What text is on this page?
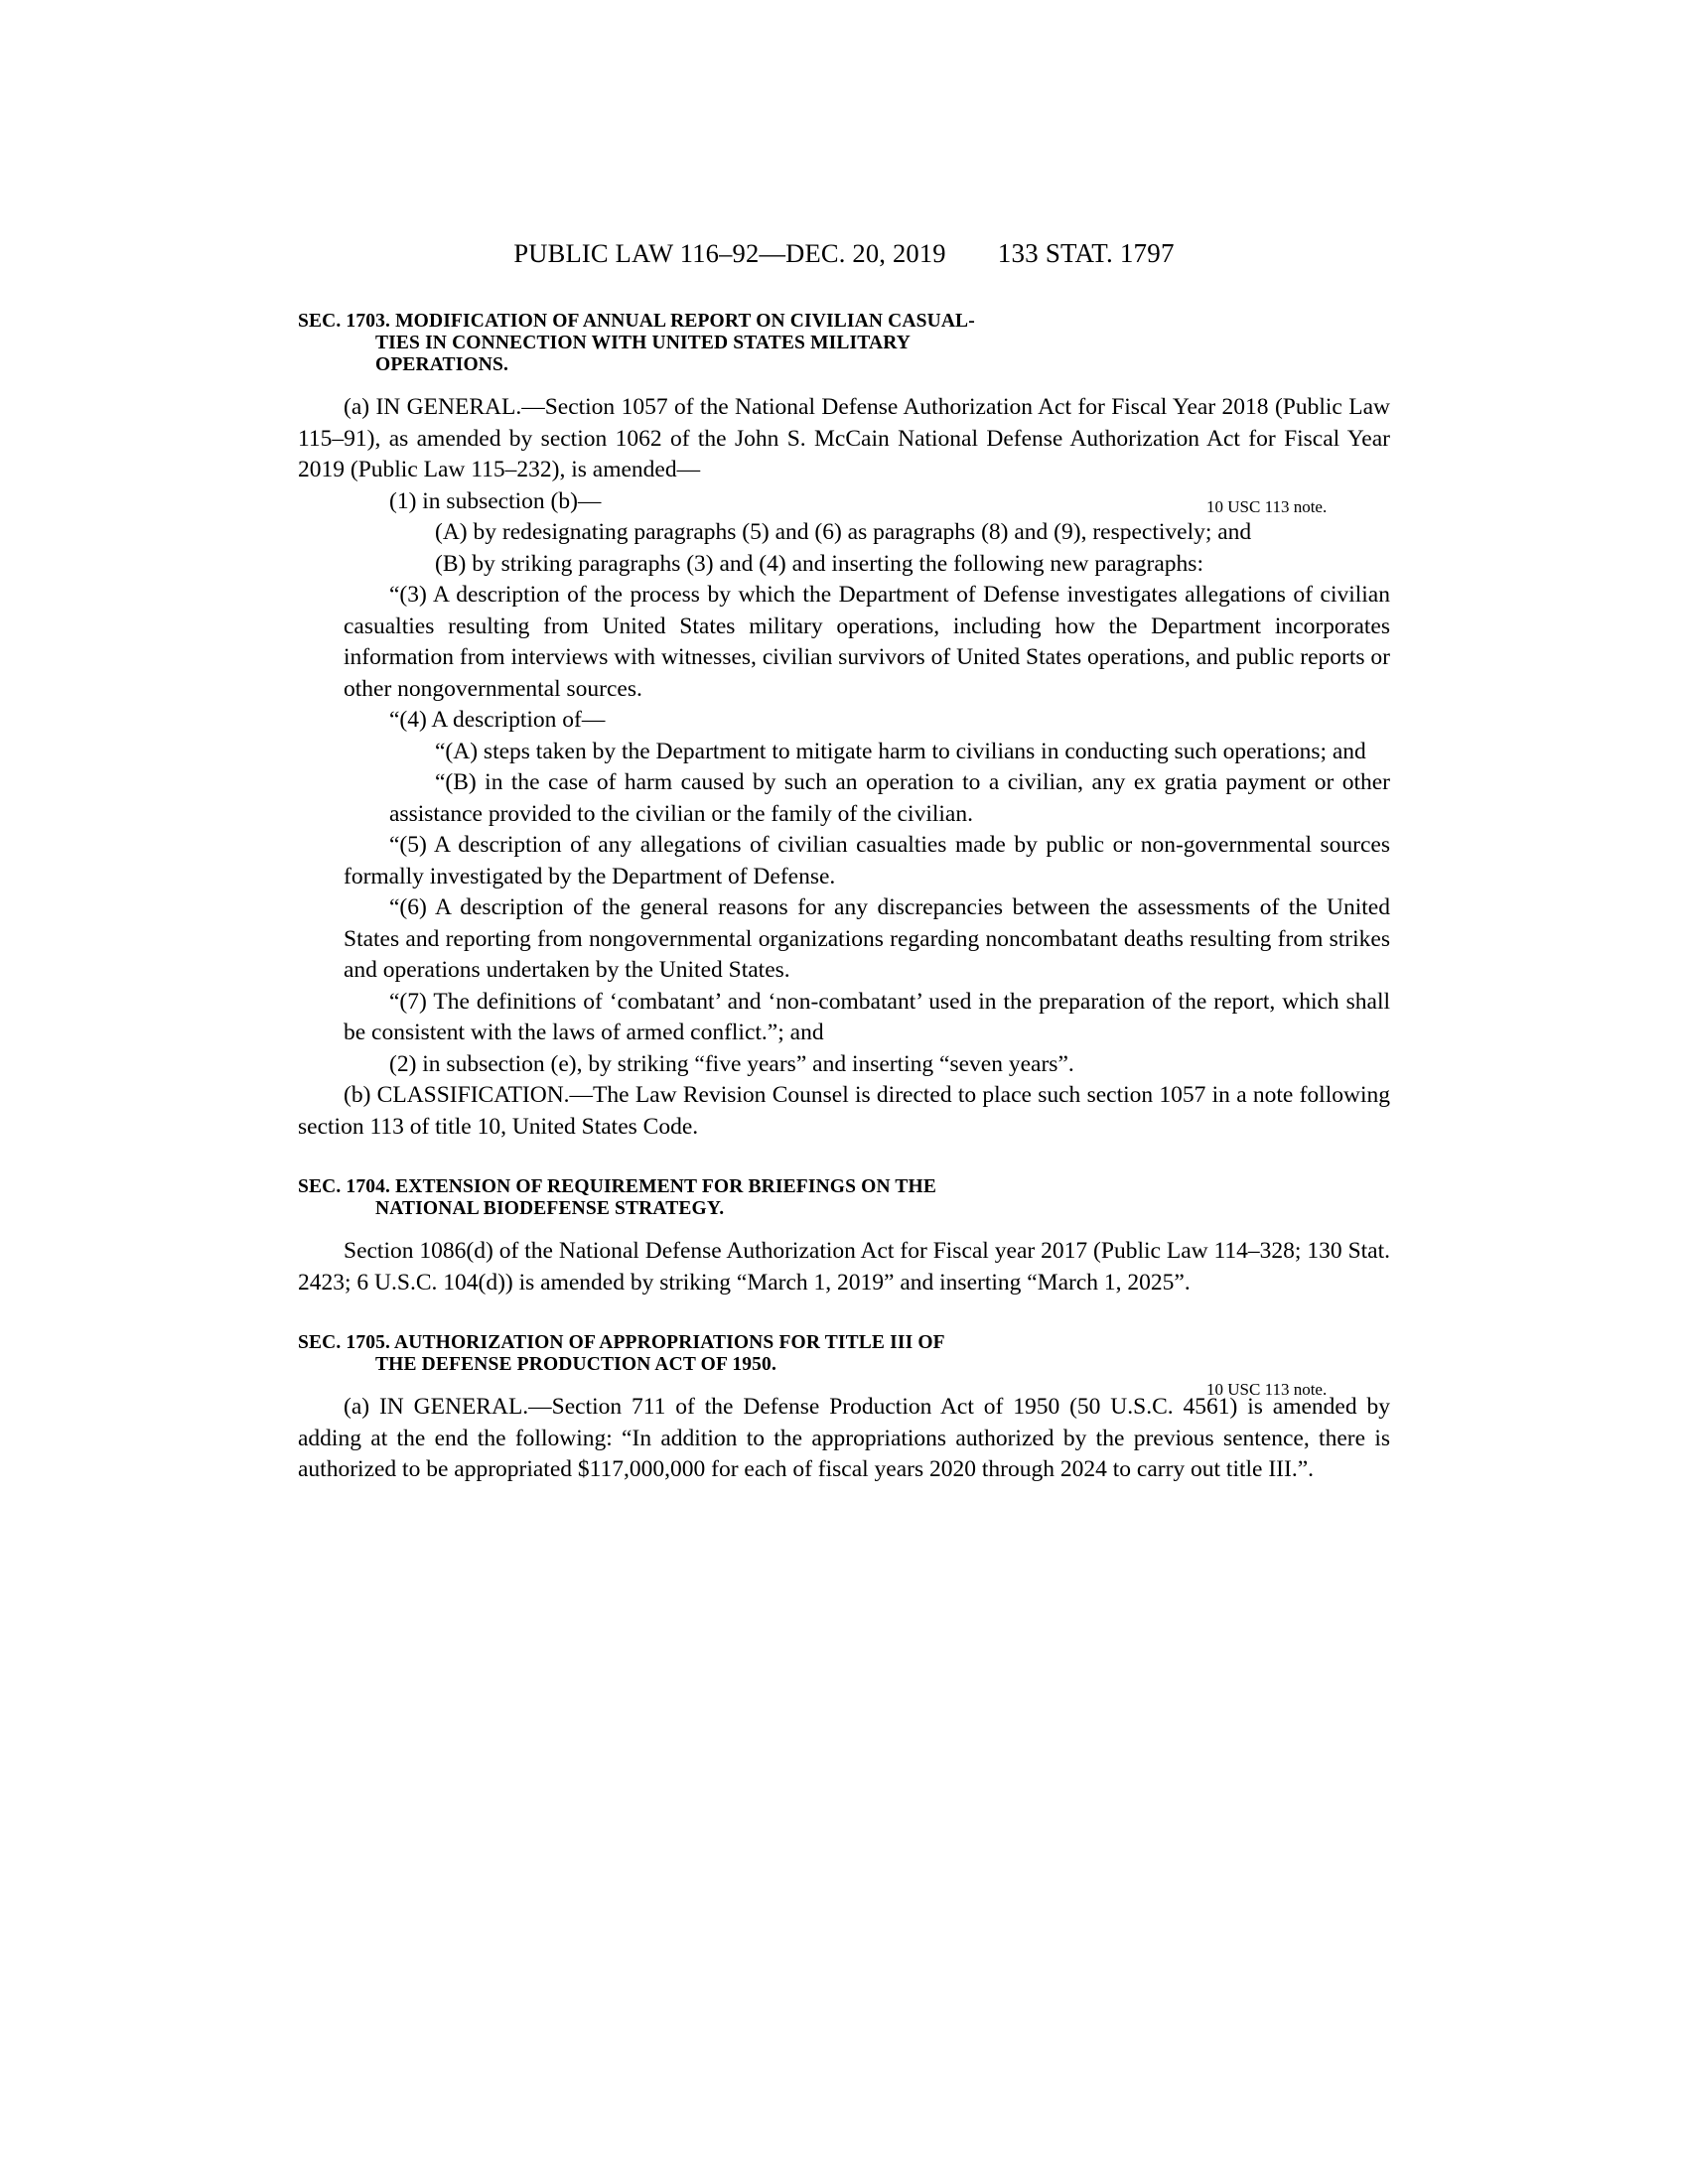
PUBLIC LAW 116–92—DEC. 20, 2019 133 STAT. 1797
SEC. 1703. MODIFICATION OF ANNUAL REPORT ON CIVILIAN CASUAL-
TIES IN CONNECTION WITH UNITED STATES MILITARY
OPERATIONS.

(a) IN GENERAL.—Section 1057 of the National Defense Authorization Act for Fiscal Year 2018 (Public Law 115–91), as amended by section 1062 of the John S. McCain National Defense Authorization Act for Fiscal Year 2019 (Public Law 115–232), is amended—

(1) in subsection (b)—

(A) by redesignating paragraphs (5) and (6) as paragraphs (8) and (9), respectively; and

(B) by striking paragraphs (3) and (4) and inserting the following new paragraphs:

“(3) A description of the process by which the Department of Defense investigates allegations of civilian casualties resulting from United States military operations, including how the Department incorporates information from interviews with witnesses, civilian survivors of United States operations, and public reports or other nongovernmental sources.

“(4) A description of—

“(A) steps taken by the Department to mitigate harm to civilians in conducting such operations; and

“(B) in the case of harm caused by such an operation to a civilian, any ex gratia payment or other assistance provided to the civilian or the family of the civilian.

“(5) A description of any allegations of civilian casualties made by public or non-governmental sources formally investigated by the Department of Defense.

“(6) A description of the general reasons for any discrepancies between the assessments of the United States and reporting from nongovernmental organizations regarding noncombatant deaths resulting from strikes and operations undertaken by the United States.

“(7) The definitions of ‘combatant’ and ‘non-combatant’ used in the preparation of the report, which shall be consistent with the laws of armed conflict.”; and

(2) in subsection (e), by striking “five years” and inserting “seven years”.

(b) CLASSIFICATION.—The Law Revision Counsel is directed to place such section 1057 in a note following section 113 of title 10, United States Code.

SEC. 1704. EXTENSION OF REQUIREMENT FOR BRIEFINGS ON THE
NATIONAL BIODEFENSE STRATEGY.

Section 1086(d) of the National Defense Authorization Act for Fiscal year 2017 (Public Law 114–328; 130 Stat. 2423; 6 U.S.C. 104(d)) is amended by striking “March 1, 2019” and inserting “March 1, 2025”.

SEC. 1705. AUTHORIZATION OF APPROPRIATIONS FOR TITLE III OF
THE DEFENSE PRODUCTION ACT OF 1950.

(a) IN GENERAL.—Section 711 of the Defense Production Act of 1950 (50 U.S.C. 4561) is amended by adding at the end the following: “In addition to the appropriations authorized by the previous sentence, there is authorized to be appropriated $117,000,000 for each of fiscal years 2020 through 2024 to carry out title III.”.

10 USC 113 note.
10 USC 113 note.
